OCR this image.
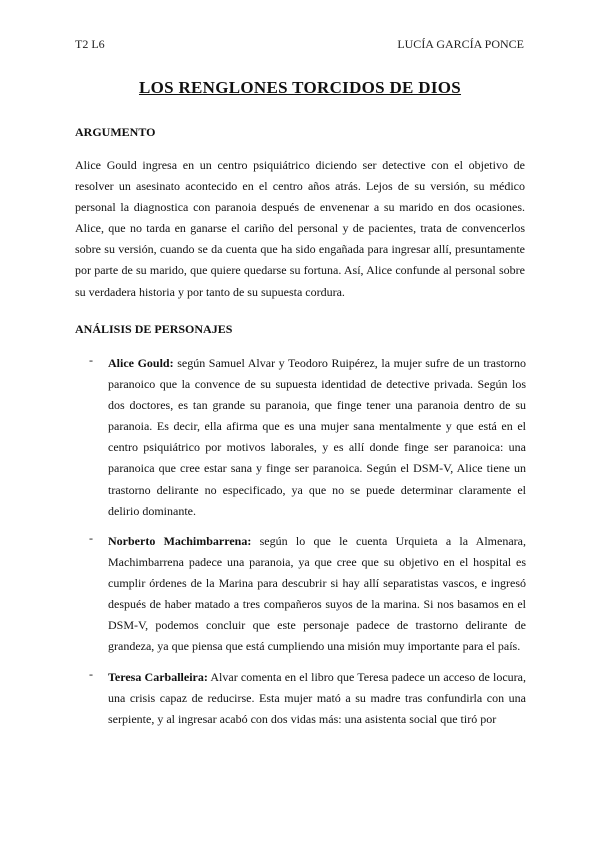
T2 L6	LUCÍA GARCÍA PONCE
LOS RENGLONES TORCIDOS DE DIOS
ARGUMENTO

Alice Gould ingresa en un centro psiquiátrico diciendo ser detective con el objetivo de resolver un asesinato acontecido en el centro años atrás. Lejos de su versión, su médico personal la diagnostica con paranoia después de envenenar a su marido en dos ocasiones. Alice, que no tarda en ganarse el cariño del personal y de pacientes, trata de convencerlos sobre su versión, cuando se da cuenta que ha sido engañada para ingresar allí, presuntamente por parte de su marido, que quiere quedarse su fortuna. Así, Alice confunde al personal sobre su verdadera historia y por tanto de su supuesta cordura.

ANÁLISIS DE PERSONAJES
- Alice Gould: según Samuel Alvar y Teodoro Ruipérez, la mujer sufre de un trastorno paranoico que la convence de su supuesta identidad de detective privada. Según los dos doctores, es tan grande su paranoia, que finge tener una paranoia dentro de su paranoia. Es decir, ella afirma que es una mujer sana mentalmente y que está en el centro psiquiátrico por motivos laborales, y es allí donde finge ser paranoica: una paranoica que cree estar sana y finge ser paranoica. Según el DSM-V, Alice tiene un trastorno delirante no especificado, ya que no se puede determinar claramente el delirio dominante.

- Norberto Machimbarrena: según lo que le cuenta Urquieta a la Almenara, Machimbarrena padece una paranoia, ya que cree que su objetivo en el hospital es cumplir órdenes de la Marina para descubrir si hay allí separatistas vascos, e ingresó después de haber matado a tres compañeros suyos de la marina. Si nos basamos en el DSM-V, podemos concluir que este personaje padece de trastorno delirante de grandeza, ya que piensa que está cumpliendo una misión muy importante para el país.

- Teresa Carballeira: Alvar comenta en el libro que Teresa padece un acceso de locura, una crisis capaz de reducirse. Esta mujer mató a su madre tras confundirla con una serpiente, y al ingresar acabó con dos vidas más: una asistenta social que tiró por
